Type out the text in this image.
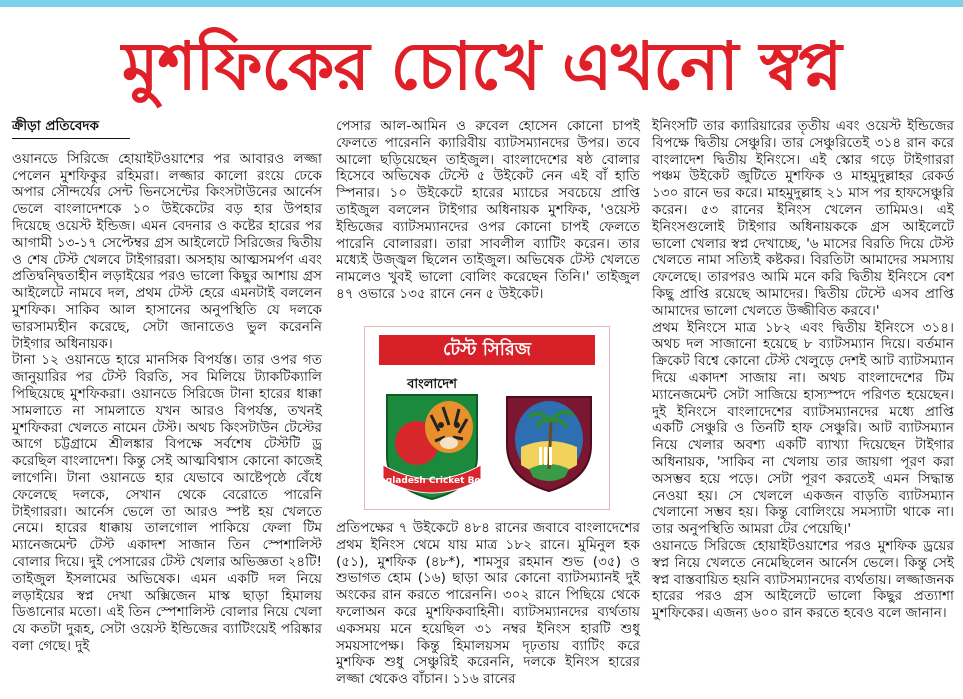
মুশফিকের চোখে এখনো স্বপ্ন
ক্রীড়া প্রতিবেদক

ওয়ানডে সিরিজে হোয়াইটওয়াশের পর আবারও লজ্জা পেলেন মুশফিকুর রহিমরা। লজ্জার কালো রংয়ে ঢেকে অপার সৌন্দর্যের সেন্ট ভিনসেন্টের কিংসটাউনের আর্নেস ভেলে বাংলাদেশকে ১০ উইকেটের বড় হার উপহার দিয়েছে ওয়েস্ট ইন্ডিজ। এমন বেদনার ও কষ্টের হারের পর আগামী ১৩-১৭ সেপ্টেম্বর গ্রস আইলেটে সিরিজের দ্বিতীয় ও শেষ টেস্ট খেলবে টাইগাররা। অসহায় আত্মসমর্পণ এবং প্রতিদ্বন্দ্বিতাহীন লড়াইয়ের পরও ভালো কিছুর আশায় গ্রস আইলেটে নামবে দল, প্রথম টেস্ট হেরে এমনটাই বললেন মুশফিক। সাকিব আল হাসানের অনুপস্থিতি যে দলকে ভারসাম্যহীন করেছে, সেটা জানাতেও ভুল করেননি টাইগার অধিনায়ক।

টানা ১২ ওয়ানডে হারে মানসিক বিপর্যস্ত। তার ওপর গত জানুয়ারির পর টেস্ট বিরতি, সব মিলিয়ে ট্যাকটিক্যালি পিছিয়েছে মুশফিকরা। ওয়ানডে সিরিজে টানা হারের ধাক্কা সামলাতে না সামলাতে যখন আরও বিপর্যস্ত, তখনই মুশফিকরা খেলতে নামেন টেস্ট। অথচ কিংসটাউন টেস্টের আগে চট্টগ্রামে শ্রীলঙ্কার বিপক্ষে সর্বশেষ টেস্টটি ড্র করেছিল বাংলাদেশ। কিন্তু সেই আত্মবিশ্বাস কোনো কাজেই লাগেনি। টানা ওয়ানডে হার যেভাবে আষ্টেপৃষ্ঠে বেঁধে ফেলেছে দলকে, সেখান থেকে বেরোতে পারেনি টাইগাররা। আর্নেস ভেলে তা আরও স্পষ্ট হয় খেলতে নেমে। হারের ধাক্কায় তালগোল পাকিয়ে ফেলা টিম ম্যানেজমেন্ট টেস্ট একাদশ সাজান তিন স্পেশালিস্ট বোলার দিয়ে। দুই পেসারের টেস্ট খেলার অভিজ্ঞতা ২৪টি! তাইজুল ইসলামের অভিষেক। এমন একটি দল নিয়ে লড়াইয়ের স্বপ্ন দেখা অক্সিজেন মাস্ক ছাড়া হিমালয় ডিঙানোর মতো। এই তিন স্পেশালিস্ট বোলার নিয়ে খেলা যে কতটা দুরূহ, সেটা ওয়েস্ট ইন্ডিজের ব্যাটিংয়েই পরিষ্কার বলা গেছে। দুই

পেসার আল-আমিন ও রুবেল হোসেন কোনো চাপই ফেলতে পারেননি ক্যারিবীয় ব্যাটসম্যানদের উপর। তবে আলো ছড়িয়েছেন তাইজুল। বাংলাদেশের ষষ্ঠ বোলার হিসেবে অভিষেক টেস্টে ৫ উইকেট নেন এই বাঁ হাতি স্পিনার। ১০ উইকেটে হারের ম্যাচের সবচেয়ে প্রাপ্তি তাইজুল বললেন টাইগার অধিনায়ক মুশফিক, 'ওয়েস্ট ইন্ডিজের ব্যাটসম্যানদের ওপর কোনো চাপই ফেলতে পারেনি বোলাররা। তারা সাবলীল ব্যাটিং করেন। তার মধ্যেই উজ্জ্বল ছিলেন তাইজুল। অভিষেক টেস্ট খেলতে নামলেও খুবই ভালো বোলিং করেছেন তিনি।' তাইজুল ৪৭ ওভারে ১৩৫ রানে নেন ৫ উইকেট।

টেস্ট সিরিজ
বাংলাদেশ
Bangladesh Cricket Board

প্রতিপক্ষের ৭ উইকেটে ৪৮৪ রানের জবাবে বাংলাদেশের প্রথম ইনিংস থেমে যায় মাত্র ১৮২ রানে। মুমিনুল হক (৫১), মুশফিক (৪৮*), শামসুর রহমান শুভ (৩৫) ও শুভাগত হোম (১৬) ছাড়া আর কোনো ব্যাটসম্যানই দুই অংকের রান করতে পারেননি। ৩০২ রানে পিছিয়ে থেকে ফলোঅন করে মুশফিকবাহিনী। ব্যাটসম্যানদের ব্যর্থতায় একসময় মনে হয়েছিল ৩১ নম্বর ইনিংস হারটি শুধু সময়সাপেক্ষ। কিন্তু হিমালয়সম দৃঢ়তায় ব্যাটিং করে মুশফিক শুধু সেঞ্চুরিই করেননি, দলকে ইনিংস হারের লজ্জা থেকেও বাঁচান। ১১৬ রানের

ইনিংসটি তার ক্যারিয়ারের তৃতীয় এবং ওয়েস্ট ইন্ডিজের বিপক্ষে দ্বিতীয় সেঞ্চুরি। তার সেঞ্চুরিতেই ৩১৪ রান করে বাংলাদেশ দ্বিতীয় ইনিংসে। এই স্কোর গড়ে টাইগাররা পঞ্চম উইকেট জুটিতে মুশফিক ও মাহমুদুল্লাহর রেকর্ড ১৩০ রানে ভর করে। মাহমুদুল্লাহ ২১ মাস পর হাফসেঞ্চুরি করেন। ৫৩ রানের ইনিংস খেলেন তামিমও। এই ইনিংসগুলোই টাইগার অধিনায়ককে গ্রস আইলেটে ভালো খেলার স্বপ্ন দেখাচ্ছে, '৬ মাসের বিরতি দিয়ে টেস্ট খেলতে নামা সত্যিই কষ্টকর। বিরতিটা আমাদের সমস্যায় ফেলেছে। তারপরও আমি মনে করি দ্বিতীয় ইনিংসে বেশ কিছু প্রাপ্তি রয়েছে আমাদের। দ্বিতীয় টেস্টে এসব প্রাপ্তি আমাদের ভালো খেলতে উজ্জীবিত করবে।'

প্রথম ইনিংসে মাত্র ১৮২ এবং দ্বিতীয় ইনিংসে ৩১৪। অথচ দল সাজানো হয়েছে ৮ ব্যাটসম্যান দিয়ে। বর্তমান ক্রিকেট বিশ্বে কোনো টেস্ট খেলুড়ে দেশই আট ব্যাটসম্যান দিয়ে একাদশ সাজায় না। অথচ বাংলাদেশের টিম ম্যানেজমেন্ট সেটা সাজিয়ে হাস্যস্পদে পরিণত হয়েছেন। দুই ইনিংসে বাংলাদেশের ব্যাটসম্যানদের মধ্যে প্রাপ্তি একটি সেঞ্চুরি ও তিনটি হাফ সেঞ্চুরি। আট ব্যাটসম্যান নিয়ে খেলার অবশ্য একটি ব্যাখ্যা দিয়েছেন টাইগার অধিনায়ক, 'সাকিব না খেলায় তার জায়গা পূরণ করা অসম্ভব হয়ে পড়ে। সেটা পূরণ করতেই এমন সিদ্ধান্ত নেওয়া হয়। সে খেললে একজন বাড়তি ব্যাটসম্যান খেলানো সম্ভব হয়। কিন্তু বোলিংয়ে সমস্যাটা থাকে না। তার অনুপস্থিতি আমরা টের পেয়েছি।'

ওয়ানডে সিরিজে হোয়াইটওয়াশের পরও মুশফিক ড্রয়ের স্বপ্ন নিয়ে খেলতে নেমেছিলেন আর্নেস ভেলে। কিন্তু সেই স্বপ্ন বাস্তবায়িত হয়নি ব্যাটসম্যানদের ব্যর্থতায়। লজ্জাজনক হারের পরও গ্রস আইলেটে ভালো কিছুর প্রত্যাশা মুশফিকের। এজন্য ৬০০ রান করতে হবেও বলে জানান।
